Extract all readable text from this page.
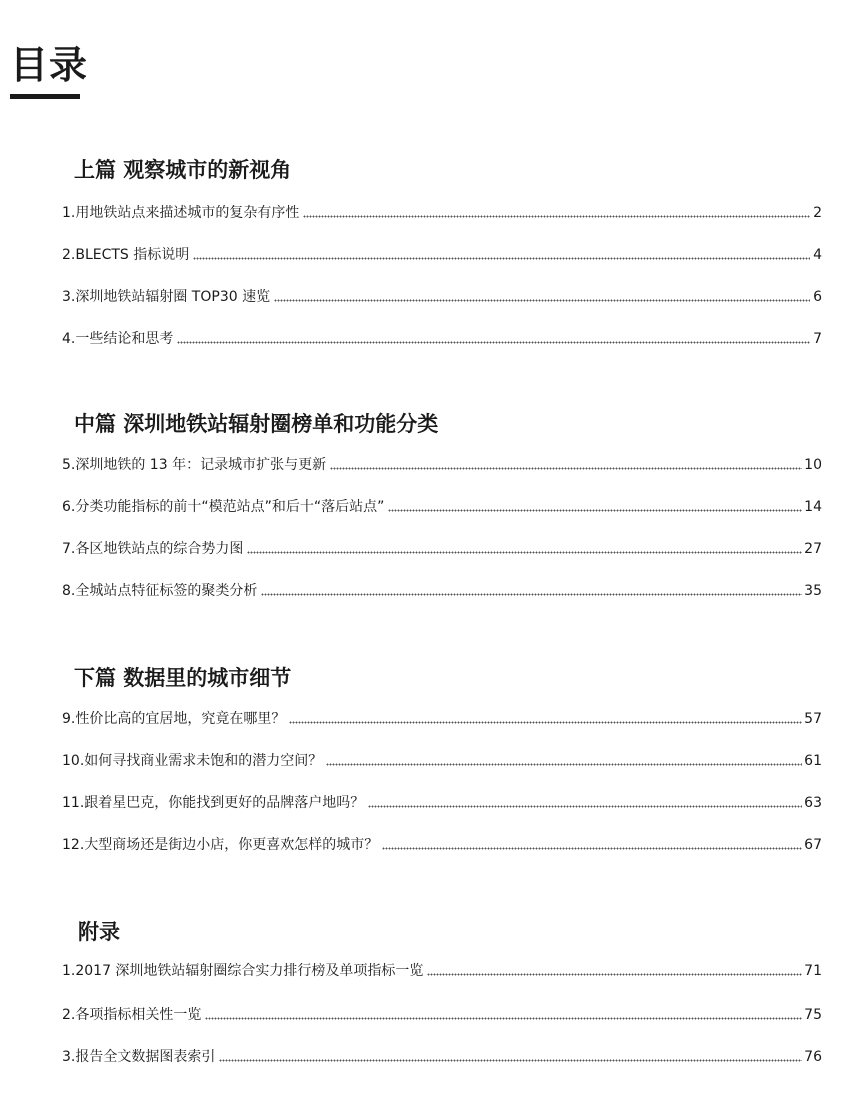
目录
上篇 观察城市的新视角
1.用地铁站点来描述城市的复杂有序性	2
2.BLECTS 指标说明	4
3.深圳地铁站辐射圈 TOP30 速览	6
4.一些结论和思考	7
中篇 深圳地铁站辐射圈榜单和功能分类
5.深圳地铁的 13 年：记录城市扩张与更新	10
6.分类功能指标的前十“模范站点”和后十“落后站点”	14
7.各区地铁站点的综合势力图	27
8.全城站点特征标签的聚类分析	35
下篇 数据里的城市细节
9.性价比高的宜居地，究竟在哪里？	57
10.如何寻找商业需求未饱和的潜力空间？	61
11.跟着星巴克，你能找到更好的品牌落户地吗？	63
12.大型商场还是街边小店，你更喜欢怎样的城市？	67
附录
1.2017 深圳地铁站辐射圈综合实力排行榜及单项指标一览	71
2.各项指标相关性一览	75
3.报告全文数据图表索引	76
